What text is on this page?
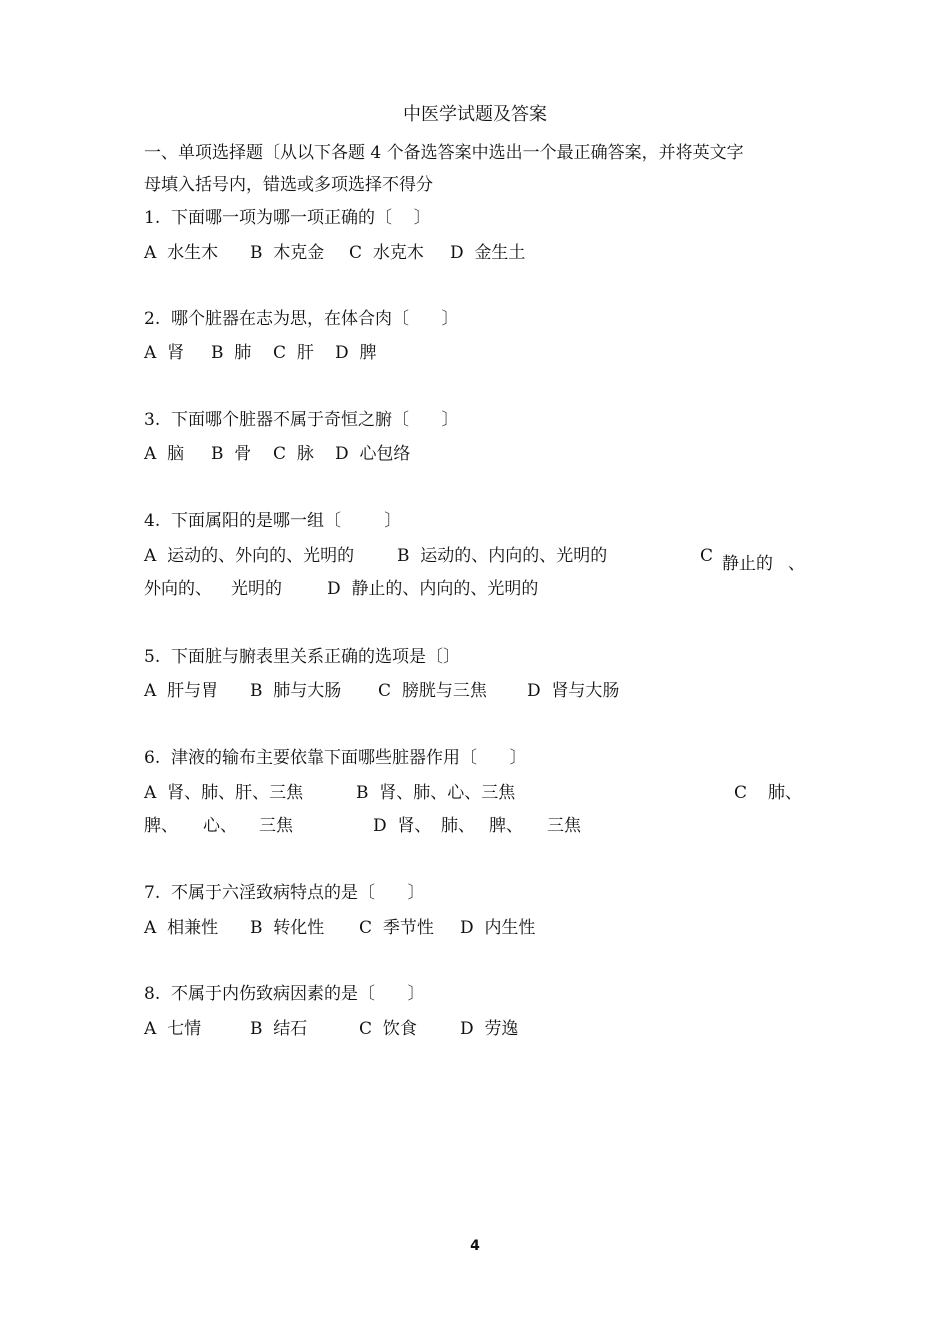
中医学试题及答案
一、单项选择题〔从以下各题 4 个备选答案中选出一个最正确答案，并将英文字
母填入括号内，错选或多项选择不得分
1.  下面哪一项为哪一项正确的〔    〕
A  水生木 B  木克金 C  水克木 D  金生土
2.  哪个脏器在志为思，在体合肉〔      〕
A  肾 B  肺 C  肝 D  脾
3.  下面哪个脏器不属于奇恒之腑〔      〕
A  脑 B  骨 C  脉 D  心包络
4.  下面属阳的是哪一组〔        〕
A  运动的、外向的、光明的	B  运动的、内向的、光明的	C 静止的 、
外向的、 光明的	D  静止的、内向的、光明的
5.  下面脏与腑表里关系正确的选项是〔〕
A  肝与胃 B  肺与大肠 C  膀胱与三焦 D  肾与大肠
6.  津液的输布主要依靠下面哪些脏器作用〔      〕
A  肾、肺、肝、三焦	B  肾、肺、心、三焦	C 肺、
脾、 心、 三焦	D  肾、 肺、 脾、 三焦
7.  不属于六淫致病特点的是〔      〕
A  相兼性 B  转化性 C  季节性 D  内生性
8.  不属于内伤致病因素的是〔      〕
A  七情	B  结石	C  饮食	D  劳逸
4
